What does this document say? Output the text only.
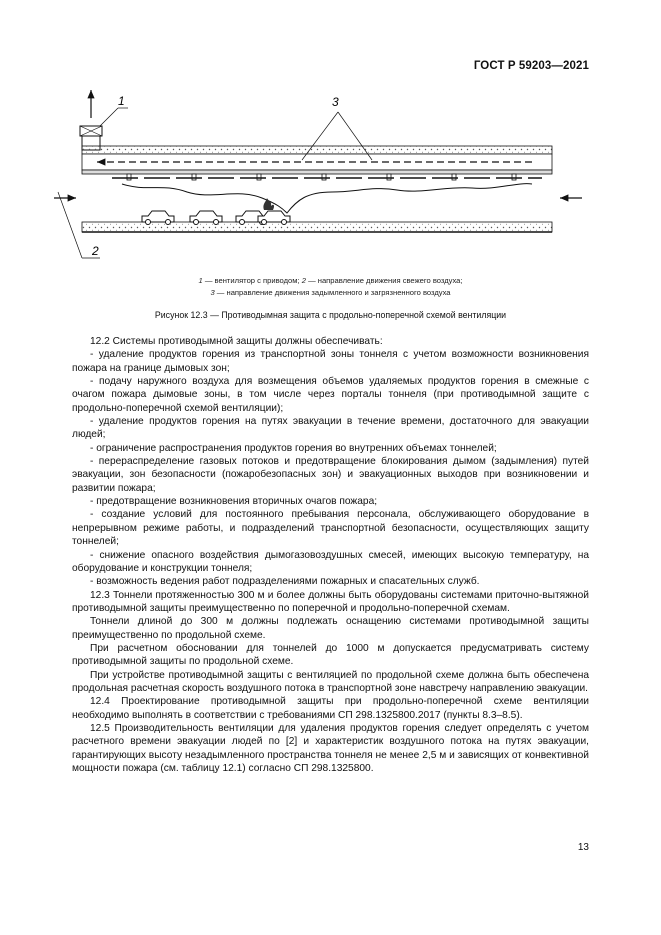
ГОСТ Р 59203—2021
1	3
2
1 — вентилятор с приводом; 2 — направление движения свежего воздуха;
3 — направление движения задымленного и загрязненного воздуха
Рисунок 12.3 — Противодымная защита с продольно-поперечной схемой вентиляции

12.2 Системы противодымной защиты должны обеспечивать:

- удаление продуктов горения из транспортной зоны тоннеля с учетом возможности возникновения пожара на границе дымовых зон;

- подачу наружного воздуха для возмещения объемов удаляемых продуктов горения в смежные с очагом пожара дымовые зоны, в том числе через порталы тоннеля (при противодымной защите с продольно-поперечной схемой вентиляции);

- удаление продуктов горения на путях эвакуации в течение времени, достаточного для эвакуации людей;

- ограничение распространения продуктов горения во внутренних объемах тоннелей;

- перераспределение газовых потоков и предотвращение блокирования дымом (задымления) путей эвакуации, зон безопасности (пожаробезопасных зон) и эвакуационных выходов при возникновении и развитии пожара;

- предотвращение возникновения вторичных очагов пожара;

- создание условий для постоянного пребывания персонала, обслуживающего оборудование в непрерывном режиме работы, и подразделений транспортной безопасности, осуществляющих защиту тоннелей;

- снижение опасного воздействия дымогазовоздушных смесей, имеющих высокую температуру, на оборудование и конструкции тоннеля;

- возможность ведения работ подразделениями пожарных и спасательных служб.

12.3 Тоннели протяженностью 300 м и более должны быть оборудованы системами приточно-вытяжной противодымной защиты преимущественно по поперечной и продольно-поперечной схемам.

Тоннели длиной до 300 м должны подлежать оснащению системами противодымной защиты преимущественно по продольной схеме.

При расчетном обосновании для тоннелей до 1000 м допускается предусматривать систему противодымной защиты по продольной схеме.

При устройстве противодымной защиты с вентиляцией по продольной схеме должна быть обеспечена продольная расчетная скорость воздушного потока в транспортной зоне навстречу направлению эвакуации.

12.4 Проектирование противодымной защиты при продольно-поперечной схеме вентиляции необходимо выполнять в соответствии с требованиями СП 298.1325800.2017 (пункты 8.3–8.5).

12.5 Производительность вентиляции для удаления продуктов горения следует определять с учетом расчетного времени эвакуации людей по [2] и характеристик воздушного потока на путях эвакуации, гарантирующих высоту незадымленного пространства тоннеля не менее 2,5 м и зависящих от конвективной мощности пожара (см. таблицу 12.1) согласно СП 298.1325800.

13
